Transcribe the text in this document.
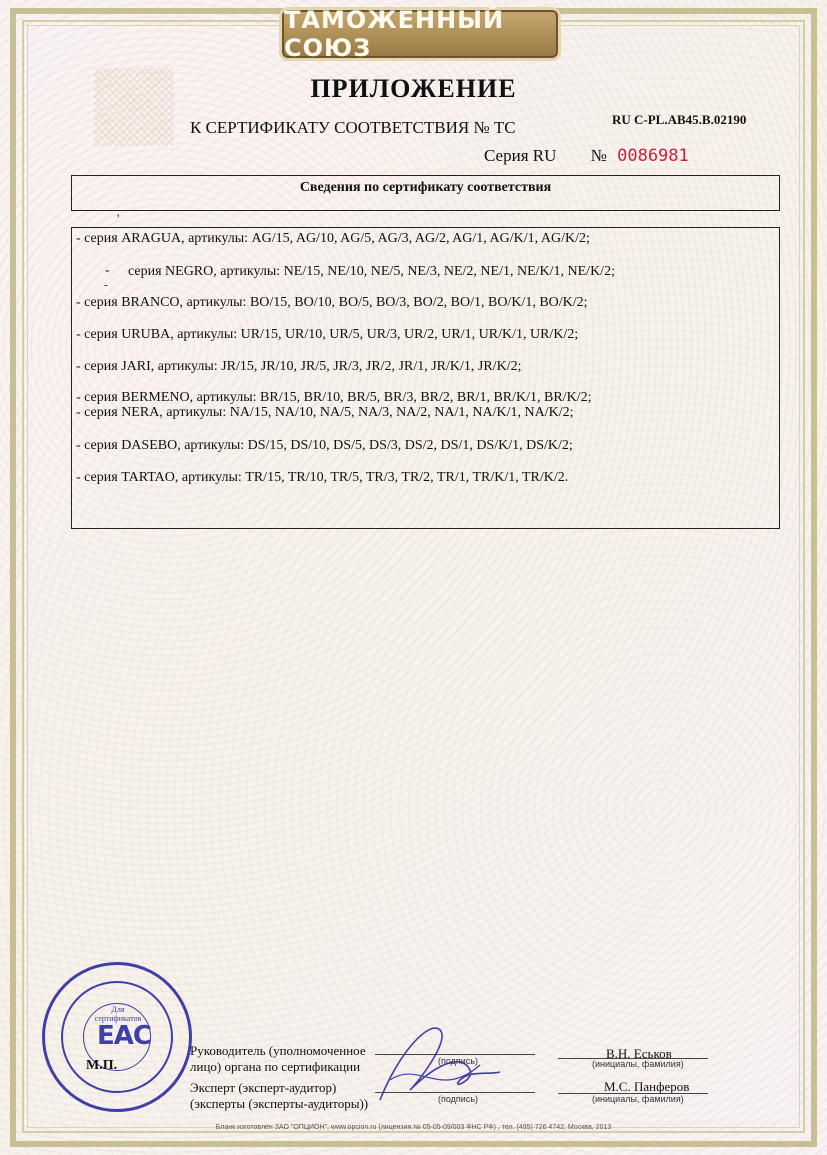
ТАМОЖЕННЫЙ СОЮЗ
ПРИЛОЖЕНИЕ
К СЕРТИФИКАТУ СООТВЕТСТВИЯ № ТС	RU C-PL.AB45.B.02190
Серия RU № 0086981
Сведения по сертификату соответствия
'
- серия ARAGUA, артикулы: AG/15, AG/10, AG/5, AG/3, AG/2, AG/1, AG/K/1, AG/K/2;
- серия NEGRO, артикулы: NE/15, NE/10, NE/5, NE/3, NE/2, NE/1, NE/K/1, NE/K/2;
-
- серия BRANCO, артикулы: BO/15, BO/10, BO/5, BO/3, BO/2, BO/1, BO/K/1, BO/K/2;
- серия URUBA, артикулы: UR/15, UR/10, UR/5, UR/3, UR/2, UR/1, UR/K/1, UR/K/2;
- серия JARI, артикулы: JR/15, JR/10, JR/5, JR/3, JR/2, JR/1, JR/K/1, JR/K/2;
- серия BERMENO, артикулы: BR/15, BR/10, BR/5, BR/3, BR/2, BR/1, BR/K/1, BR/K/2;
- серия NERA, артикулы: NA/15, NA/10, NA/5, NA/3, NA/2, NA/1, NA/K/1, NA/K/2;
- серия DASEBO, артикулы: DS/15, DS/10, DS/5, DS/3, DS/2, DS/1, DS/K/1, DS/K/2;
- серия TARTAO, артикулы: TR/15, TR/10, TR/5, TR/3, TR/2, TR/1, TR/K/1, TR/K/2.
Для сертификатов
EAC
М.П.
Руководитель (уполномоченное
лицо) органа по сертификации	(подпись)	В.Н. Еськов
(инициалы, фамилия)
Эксперт (эксперт-аудитор)
(эксперты (эксперты-аудиторы))	(подпись)
М.С. Панферов
(инициалы, фамилия)
Бланк изготовлен ЗАО "ОПЦИОН", www.opcion.ru (лицензия № 05-05-09/003 ФНС РФ) , тел. (495) 726 4742, Москва, 2013
